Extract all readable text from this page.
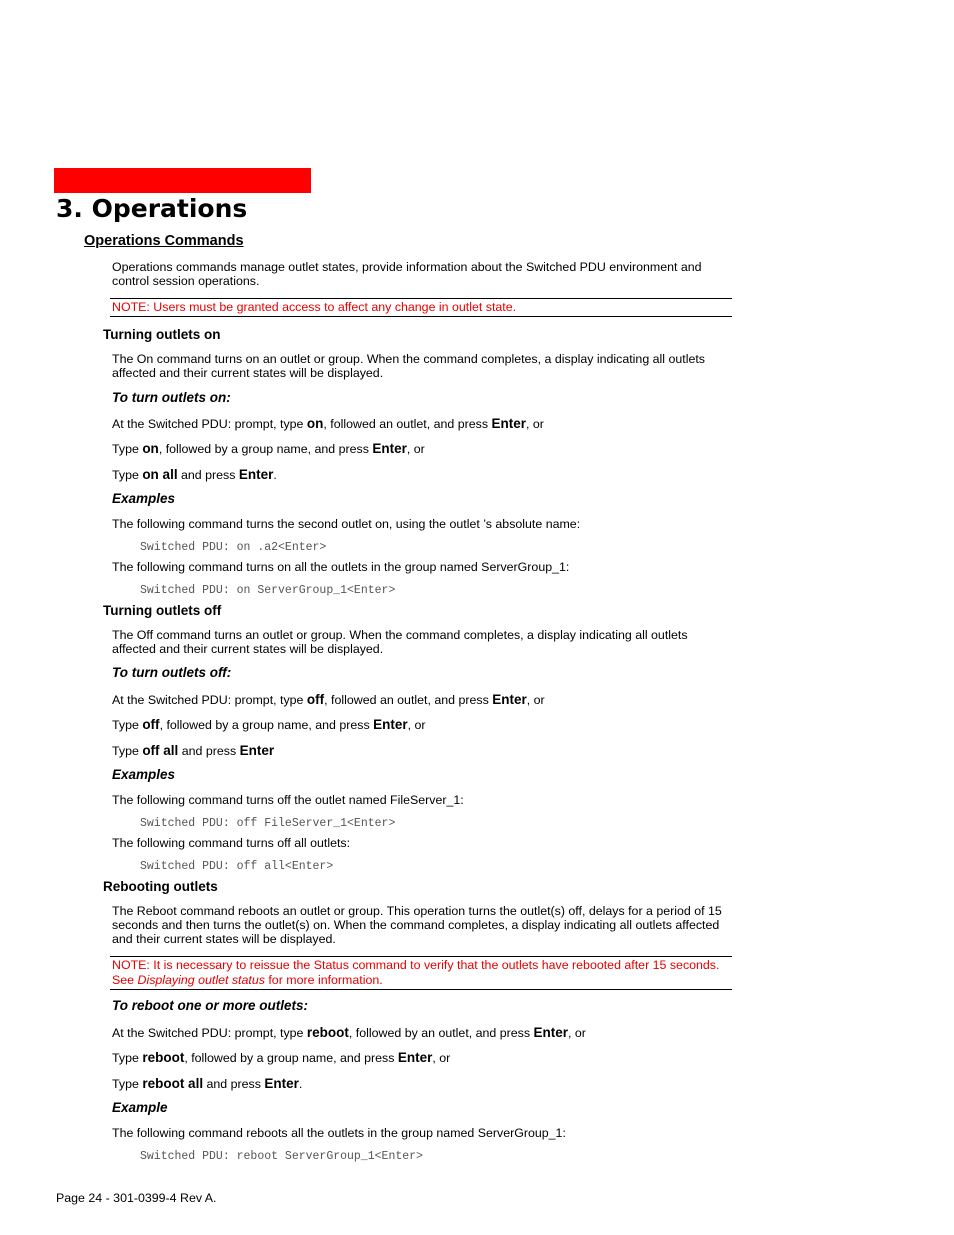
3. Operations
Operations Commands
Operations commands manage outlet states, provide information about the Switched PDU environment and control session operations.
NOTE: Users must be granted access to affect any change in outlet state.
Turning outlets on
The On command turns on an outlet or group. When the command completes, a display indicating all outlets affected and their current states will be displayed.
To turn outlets on:
At the Switched PDU: prompt, type on, followed an outlet, and press Enter, or
Type on, followed by a group name, and press Enter, or
Type on all and press Enter.
Examples
The following command turns the second outlet on, using the outlet ’s absolute name:
Switched PDU: on .a2<Enter>
The following command turns on all the outlets in the group named ServerGroup_1:
Switched PDU: on ServerGroup_1<Enter>
Turning outlets off
The Off command turns an outlet or group. When the command completes, a display indicating all outlets affected and their current states will be displayed.
To turn outlets off:
At the Switched PDU: prompt, type off, followed an outlet, and press Enter, or
Type off, followed by a group name, and press Enter, or
Type off all and press Enter
Examples
The following command turns off the outlet named FileServer_1:
Switched PDU: off FileServer_1<Enter>
The following command turns off all outlets:
Switched PDU: off all<Enter>
Rebooting outlets
The Reboot command reboots an outlet or group. This operation turns the outlet(s) off, delays for a period of 15 seconds and then turns the outlet(s) on. When the command completes, a display indicating all outlets affected and their current states will be displayed.
NOTE: It is necessary to reissue the Status command to verify that the outlets have rebooted after 15 seconds.
See Displaying outlet status for more information.
To reboot one or more outlets:
At the Switched PDU: prompt, type reboot, followed by an outlet, and press Enter, or
Type reboot, followed by a group name, and press Enter, or
Type reboot all and press Enter.
Example
The following command reboots all the outlets in the group named ServerGroup_1:
Switched PDU: reboot ServerGroup_1<Enter>
Page 24 - 301-0399-4 Rev A.
